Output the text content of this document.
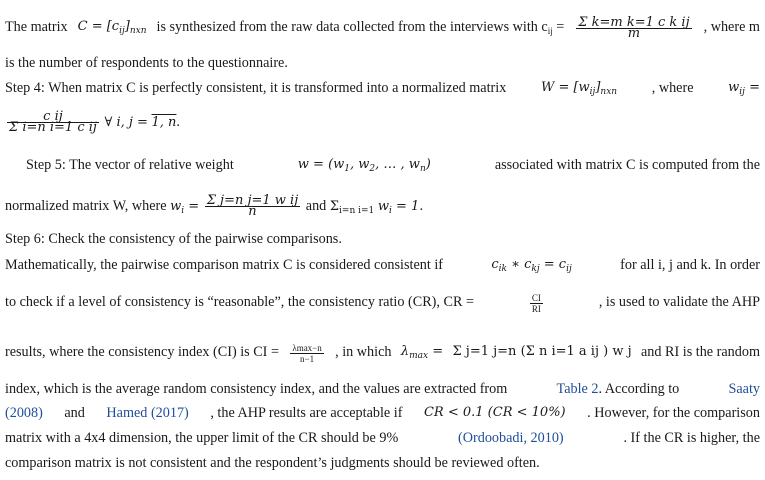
The matrix $C = [c_{ij}]_{nxn}$ is synthesized from the raw data collected from the interviews with $c_{ij} = \frac{\text{Σ k=m k=1 c k ij}}{m}$ , where m
is the number of respondents to the questionnaire.
Step 4: When matrix C is perfectly consistent, it is transformed into a normalized matrix	$W = [w_{ij}]_{nxn}$ , where	$w_{ij}$ =
$\frac{\text{c ij}}{\text{Σ i=n i=1 c ij}}$ ∀ i, j = 1, n.
Step 5: The vector of relative weight	$w = (w_1$, $w_2$, … , $w_n$)	associated with matrix C is computed from the
normalized matrix W, where $w_i = \frac{\text{Σ j=n j=1 w ij}}{n}$ and $\Sigma_{i=n i=1}$ $w_i = 1$.
Step 6: Check the consistency of the pairwise comparisons.
Mathematically, the pairwise comparison matrix C is considered consistent if	$c_{ik}$ ∗ $c_{kj} = c_{ij}$	for all i, j and k. In order
to check if a level of consistency is “reasonable”, the consistency ratio (CR), CR =	$\frac{CI}{RI}$	, is used to validate the AHP
results, where the consistency index (CI) is CI = $\frac{\lambda\max-n}{n-1}$ , in which $\lambda_{max} = \Sigma$ j=1 j=n (Σ n i=1 a ij ) w j and RI is the random
index, which is the average random consistency index, and the values are extracted from	Table 2. According to	Saaty
(2008) and Hamed (2017) , the AHP results are acceptable if CR < 0.1 (CR < 10%) . However, for the comparison
matrix with a 4x4 dimension, the upper limit of the CR should be 9%	(Ordoobadi, 2010)	. If the CR is higher, the
comparison matrix is not consistent and the respondent’s judgments should be reviewed often.
